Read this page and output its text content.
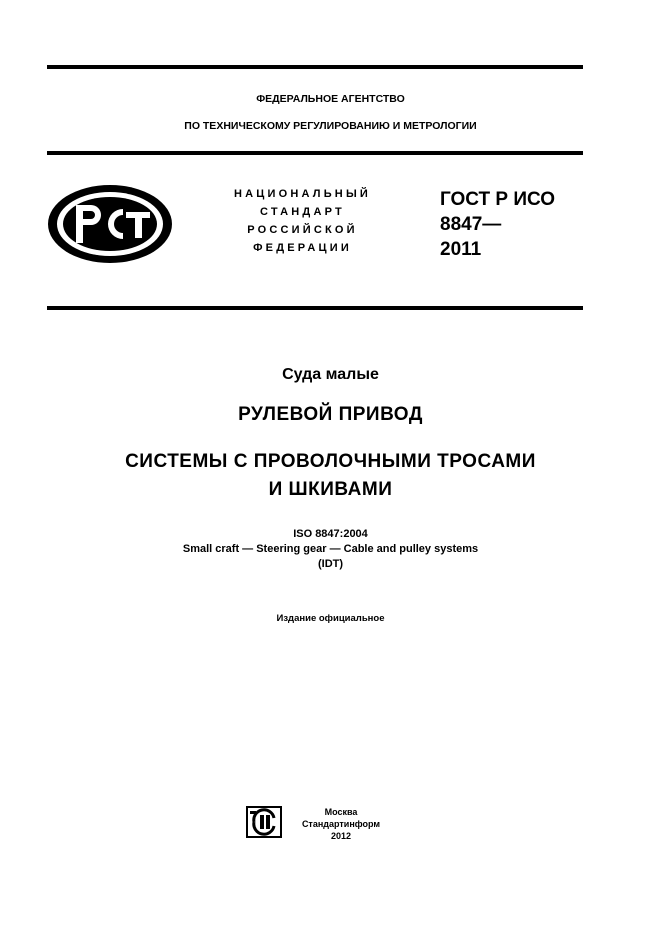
ФЕДЕРАЛЬНОЕ АГЕНТСТВО
ПО ТЕХНИЧЕСКОМУ РЕГУЛИРОВАНИЮ И МЕТРОЛОГИИ
НАЦИОНАЛЬНЫЙ
СТАНДАРТ
РОССИЙСКОЙ
ФЕДЕРАЦИИ
ГОСТ Р ИСО
8847—
2011
Суда малые
РУЛЕВОЙ ПРИВОД
СИСТЕМЫ С ПРОВОЛОЧНЫМИ ТРОСАМИ
И ШКИВАМИ
ISO 8847:2004
Small craft — Steering gear — Cable and pulley systems
(IDT)
Издание официальное
Москва
Стандартинформ
2012
